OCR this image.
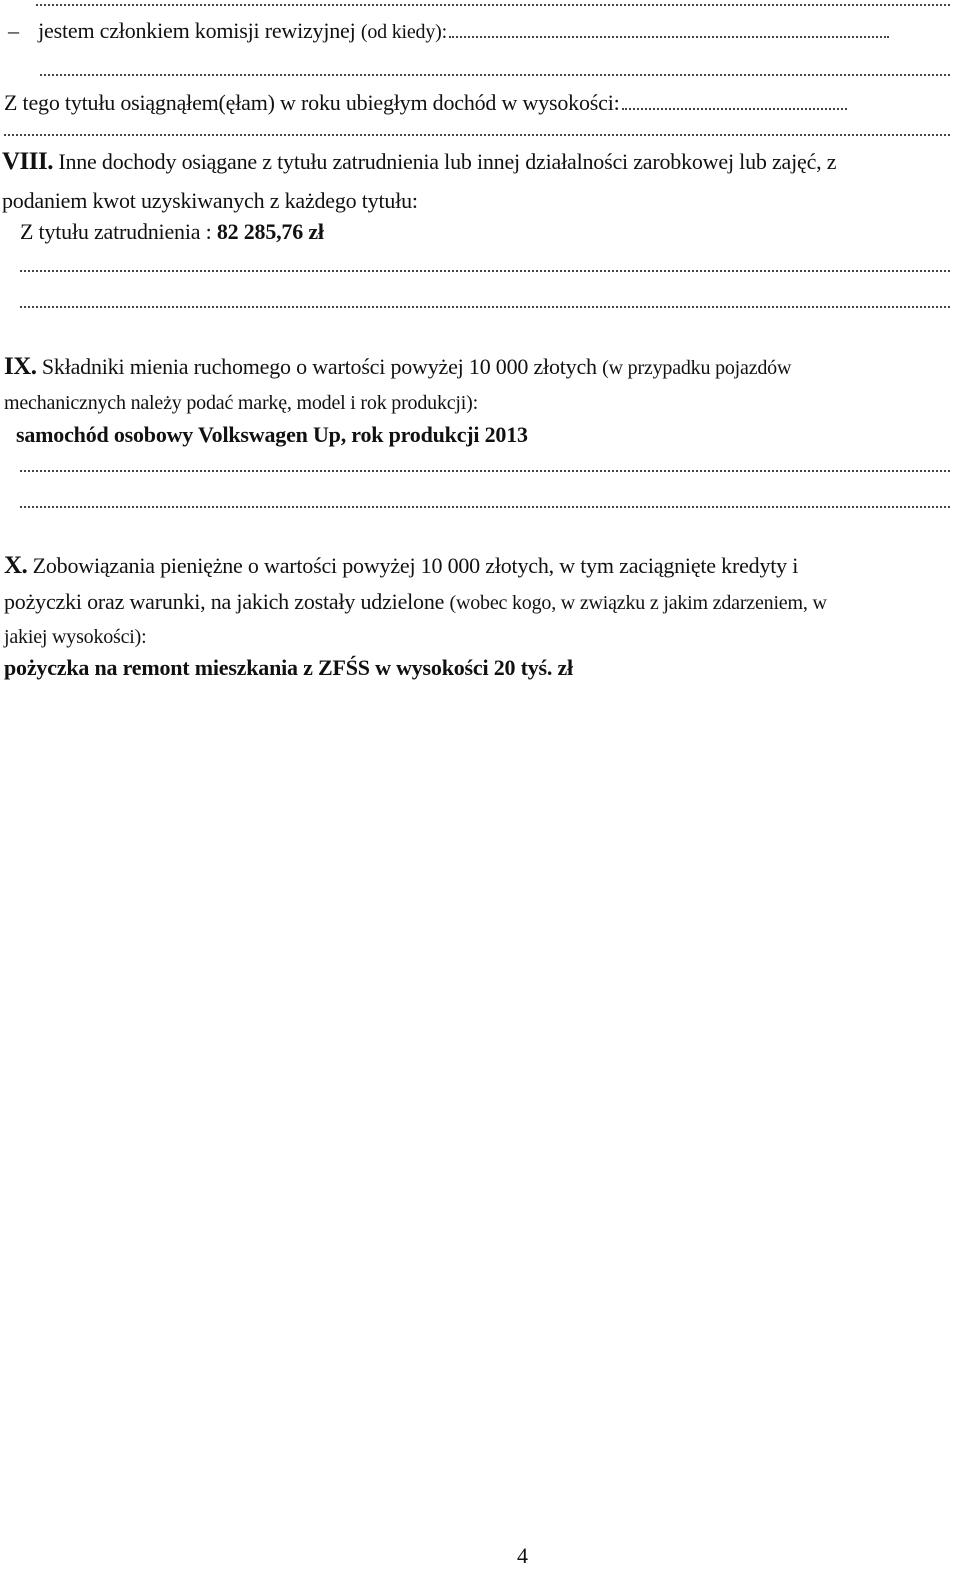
– jestem członkiem komisji rewizyjnej (od kiedy):
Z tego tytułu osiągnąłem(ęłam) w roku ubiegłym dochód w wysokości:
VIII. Inne dochody osiągane z tytułu zatrudnienia lub innej działalności zarobkowej lub zajęć, z
podaniem kwot uzyskiwanych z każdego tytułu:
Z tytułu zatrudnienia : 82 285,76 zł
IX. Składniki mienia ruchomego o wartości powyżej 10 000 złotych (w przypadku pojazdów
mechanicznych należy podać markę, model i rok produkcji):
samochód osobowy Volkswagen Up, rok produkcji 2013
X. Zobowiązania pieniężne o wartości powyżej 10 000 złotych, w tym zaciągnięte kredyty i
pożyczki oraz warunki, na jakich zostały udzielone (wobec kogo, w związku z jakim zdarzeniem, w
jakiej wysokości):
pożyczka na remont mieszkania z ZFŚS w wysokości 20 tyś. zł
4
